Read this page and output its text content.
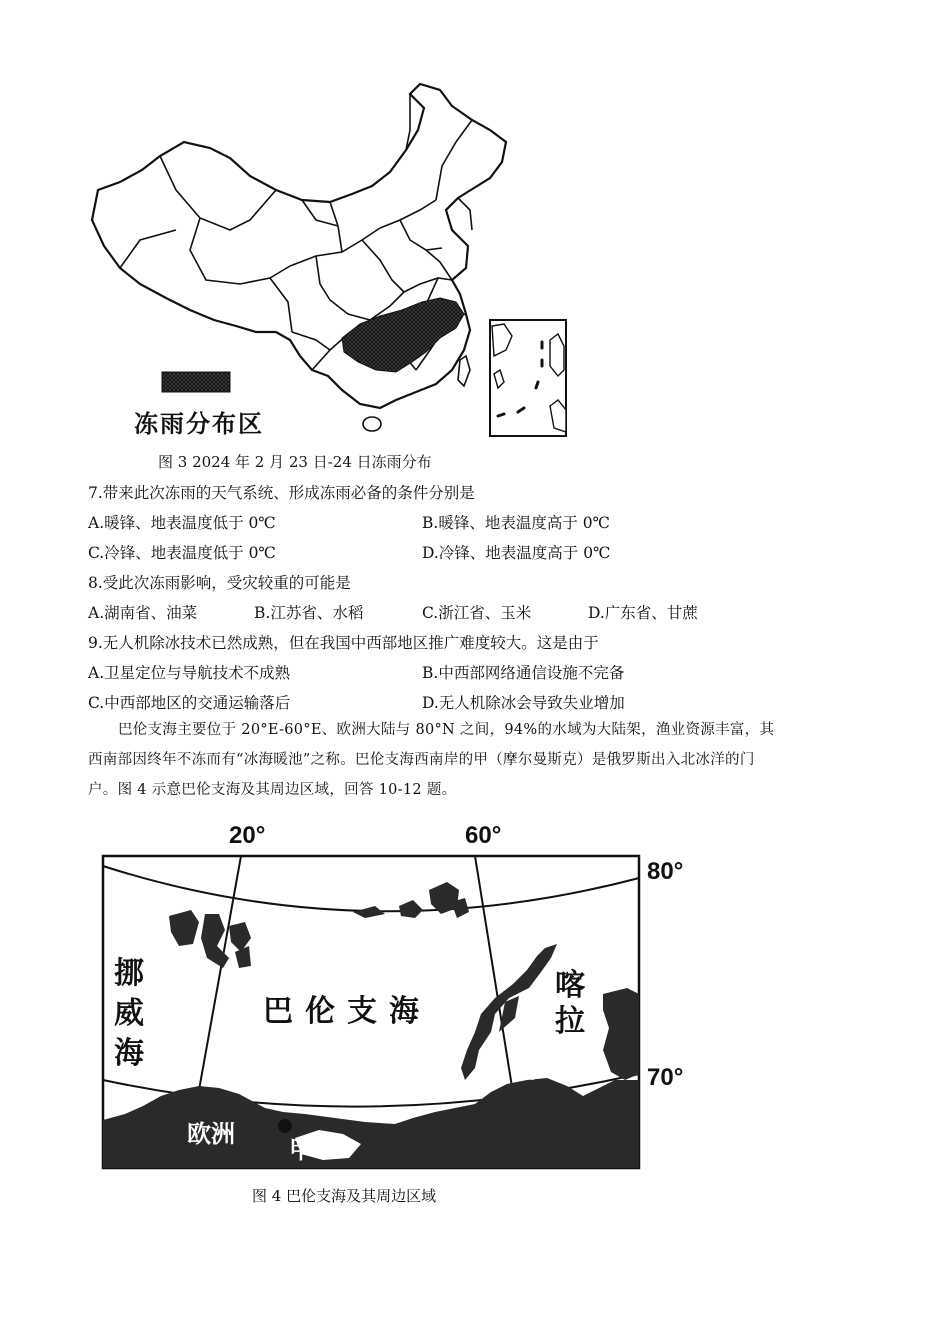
冻雨分布区
图 3 2024 年 2 月 23 日-24 日冻雨分布
7.带来此次冻雨的天气系统、形成冻雨必备的条件分别是
A.暖锋、地表温度低于 0℃	B.暖锋、地表温度高于 0℃
C.冷锋、地表温度低于 0℃	D.冷锋、地表温度高于 0℃
8.受此次冻雨影响，受灾较重的可能是
A.湖南省、油菜	B.江苏省、水稻	C.浙江省、玉米	D.广东省、甘蔗
9.无人机除冰技术已然成熟，但在我国中西部地区推广难度较大。这是由于
A.卫星定位与导航技术不成熟	B.中西部网络通信设施不完备
C.中西部地区的交通运输落后	D.无人机除冰会导致失业增加
巴伦支海主要位于 20°E-60°E、欧洲大陆与 80°N 之间，94%的水域为大陆架，渔业资源丰富，其
西南部因终年不冻而有“冰海暖池”之称。巴伦支海西南岸的甲（摩尔曼斯克）是俄罗斯出入北冰洋的门
户。图 4 示意巴伦支海及其周边区域，回答 10-12 题。
20°	60°
80°
70°
挪
威
海
巴伦支海
喀
拉
海
欧洲
甲
图 4 巴伦支海及其周边区域
